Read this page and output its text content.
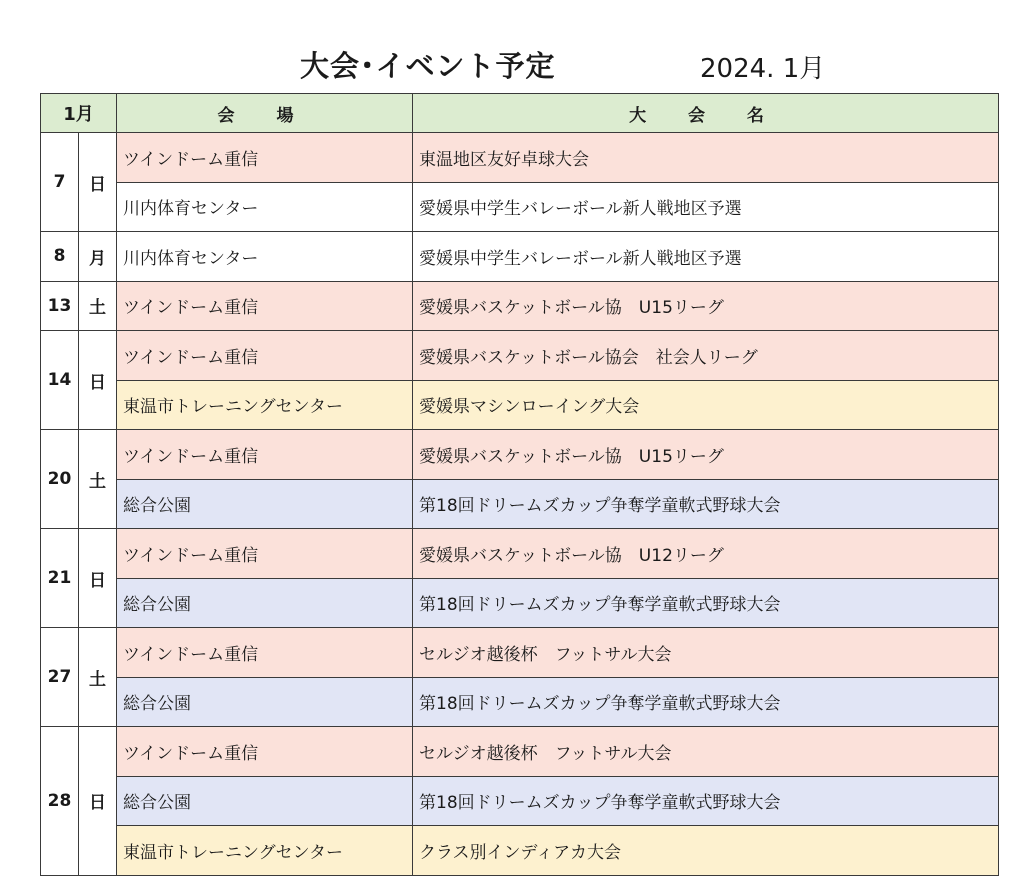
大会･イベント予定	2024. 1月
1月		会 場	大 会 名
7	日	ツインドーム重信	東温地区友好卓球大会
		川内体育センター	愛媛県中学生バレーボール新人戦地区予選
8	月	川内体育センター	愛媛県中学生バレーボール新人戦地区予選
13	土	ツインドーム重信	愛媛県バスケットボール協　U15リーグ
14	日	ツインドーム重信	愛媛県バスケットボール協会　社会人リーグ
		東温市トレーニングセンター	愛媛県マシンローイング大会
20	土	ツインドーム重信	愛媛県バスケットボール協　U15リーグ
		総合公園	第18回ドリームズカップ争奪学童軟式野球大会
21	日	ツインドーム重信	愛媛県バスケットボール協　U12リーグ
		総合公園	第18回ドリームズカップ争奪学童軟式野球大会
27	土	ツインドーム重信	セルジオ越後杯　フットサル大会
		総合公園	第18回ドリームズカップ争奪学童軟式野球大会
28	日	ツインドーム重信	セルジオ越後杯　フットサル大会
		総合公園	第18回ドリームズカップ争奪学童軟式野球大会
		東温市トレーニングセンター	クラス別インディアカ大会
